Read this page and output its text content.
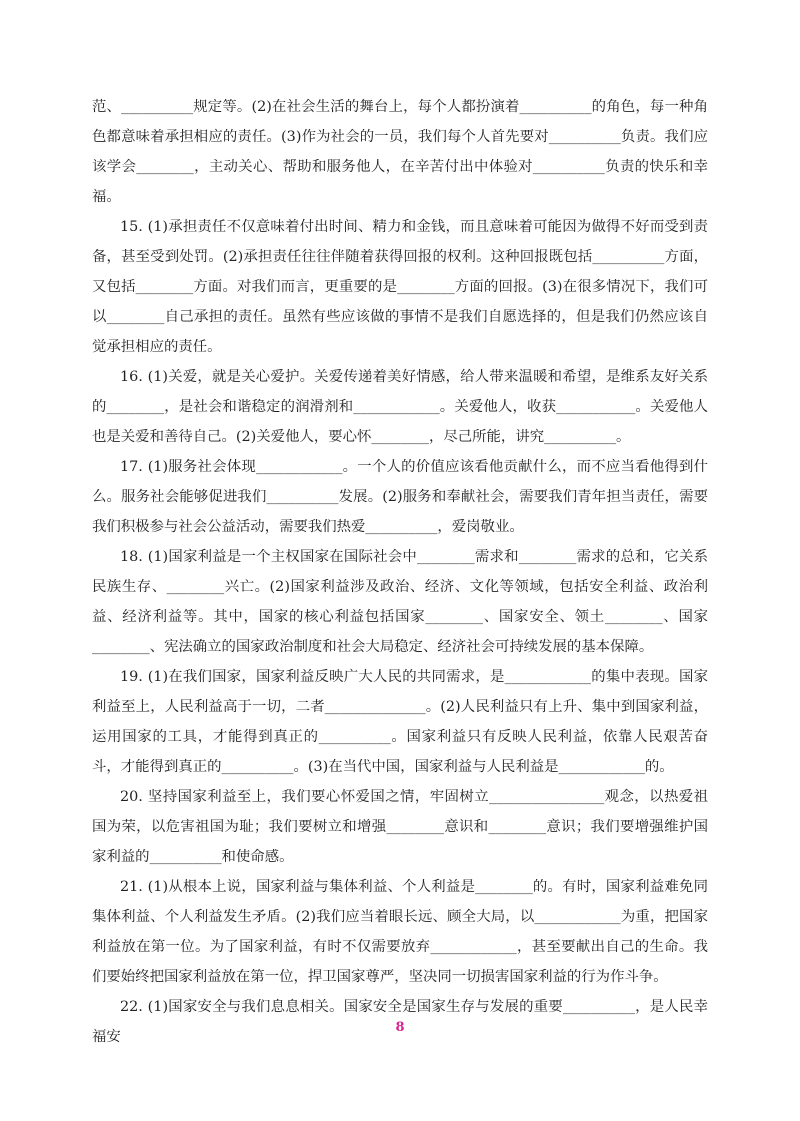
范、__________规定等。(2)在社会生活的舞台上，每个人都扮演着__________的角色，每一种角色都意味着承担相应的责任。(3)作为社会的一员，我们每个人首先要对__________负责。我们应该学会________，主动关心、帮助和服务他人，在辛苦付出中体验对__________负责的快乐和幸福。

15. (1)承担责任不仅意味着付出时间、精力和金钱，而且意味着可能因为做得不好而受到责备，甚至受到处罚。(2)承担责任往往伴随着获得回报的权利。这种回报既包括__________方面，又包括________方面。对我们而言，更重要的是________方面的回报。(3)在很多情况下，我们可以________自己承担的责任。虽然有些应该做的事情不是我们自愿选择的，但是我们仍然应该自觉承担相应的责任。

16. (1)关爱，就是关心爱护。关爱传递着美好情感，给人带来温暖和希望，是维系友好关系的________，是社会和谐稳定的润滑剂和____________。关爱他人，收获___________。关爱他人也是关爱和善待自己。(2)关爱他人，要心怀________，尽己所能，讲究__________。

17. (1)服务社会体现____________。一个人的价值应该看他贡献什么，而不应当看他得到什么。服务社会能够促进我们__________发展。(2)服务和奉献社会，需要我们青年担当责任，需要我们积极参与社会公益活动，需要我们热爱__________，爱岗敬业。

18. (1)国家利益是一个主权国家在国际社会中________需求和________需求的总和，它关系民族生存、________兴亡。(2)国家利益涉及政治、经济、文化等领域，包括安全利益、政治利益、经济利益等。其中，国家的核心利益包括国家________、国家安全、领土________、国家________、宪法确立的国家政治制度和社会大局稳定、经济社会可持续发展的基本保障。

19. (1)在我们国家，国家利益反映广大人民的共同需求，是____________的集中表现。国家利益至上，人民利益高于一切，二者______________。(2)人民利益只有上升、集中到国家利益，运用国家的工具，才能得到真正的__________。国家利益只有反映人民利益，依靠人民艰苦奋斗，才能得到真正的__________。(3)在当代中国，国家利益与人民利益是____________的。

20. 坚持国家利益至上，我们要心怀爱国之情，牢固树立________________观念，以热爱祖国为荣，以危害祖国为耻；我们要树立和增强________意识和________意识；我们要增强维护国家利益的__________和使命感。

21. (1)从根本上说，国家利益与集体利益、个人利益是________的。有时，国家利益难免同集体利益、个人利益发生矛盾。(2)我们应当着眼长远、顾全大局，以____________为重，把国家利益放在第一位。为了国家利益，有时不仅需要放弃____________，甚至要献出自己的生命。我们要始终把国家利益放在第一位，捍卫国家尊严，坚决同一切损害国家利益的行为作斗争。

22. (1)国家安全与我们息息相关。国家安全是国家生存与发展的重要__________，是人民幸福安

8
